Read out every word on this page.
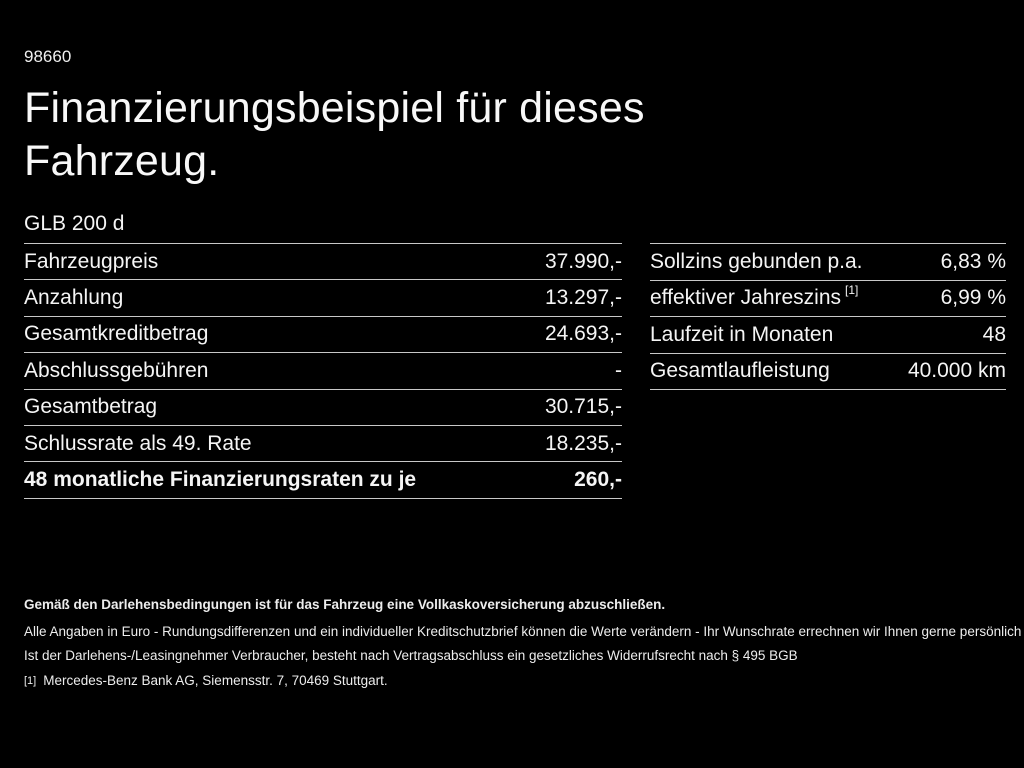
98660
Finanzierungsbeispiel für dieses
Fahrzeug.
GLB 200 d
Fahrzeugpreis	37.990,-
Anzahlung	13.297,-
Gesamtkreditbetrag	24.693,-
Abschlussgebühren	-
Gesamtbetrag	30.715,-
Schlussrate als 49. Rate	18.235,-
48 monatliche Finanzierungsraten zu je	260,-
Sollzins gebunden p.a.	6,83 %
effektiver Jahreszins [1]	6,99 %
Laufzeit in Monaten	48
Gesamtlaufleistung	40.000 km
Gemäß den Darlehensbedingungen ist für das Fahrzeug eine Vollkaskoversicherung abzuschließen.
Alle Angaben in Euro - Rundungsdifferenzen und ein individueller Kreditschutzbrief können die Werte verändern - Ihr Wunschrate errechnen wir Ihnen gerne persönlich
Ist der Darlehens-/Leasingnehmer Verbraucher, besteht nach Vertragsabschluss ein gesetzliches Widerrufsrecht nach § 495 BGB
[1] Mercedes-Benz Bank AG, Siemensstr. 7, 70469 Stuttgart.
